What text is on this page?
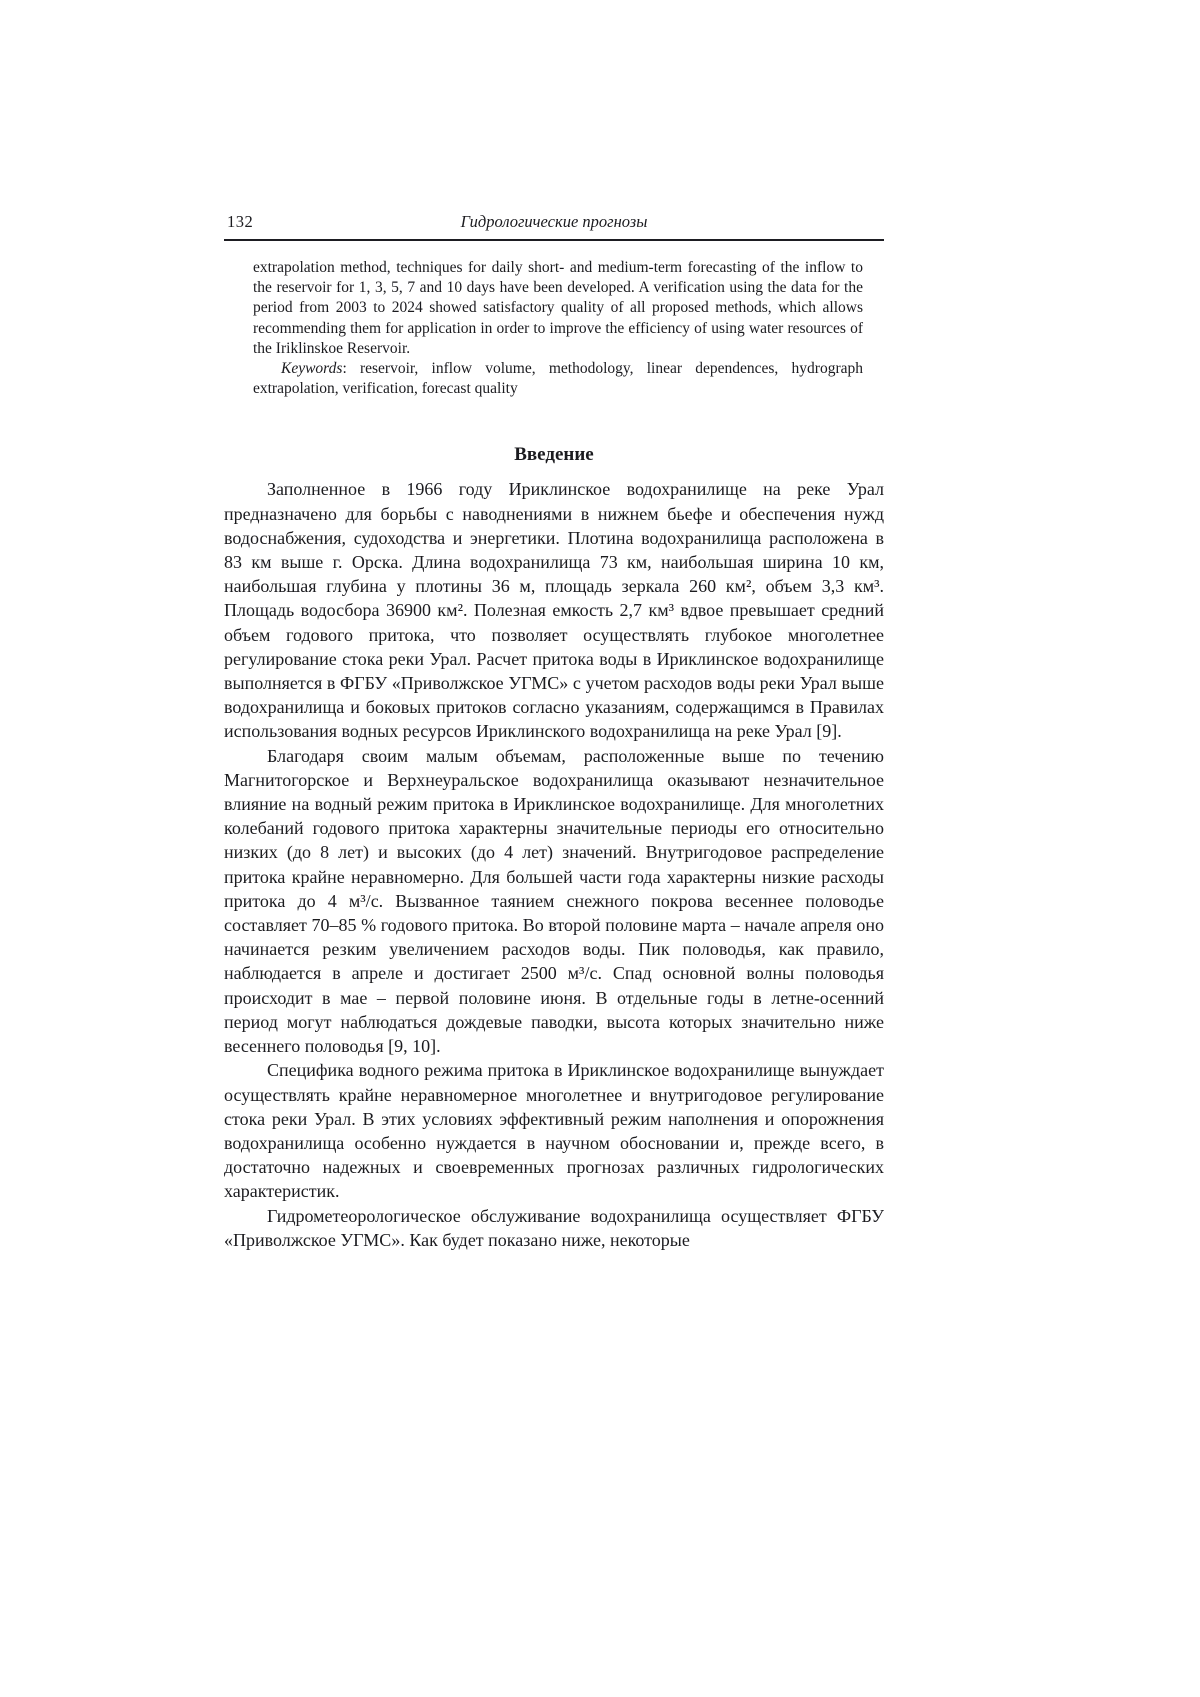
132	Гидрологические прогнозы

extrapolation method, techniques for daily short- and medium-term forecasting of the inflow to the reservoir for 1, 3, 5, 7 and 10 days have been developed. A verification using the data for the period from 2003 to 2024 showed satisfactory quality of all proposed methods, which allows recommending them for application in order to improve the efficiency of using water resources of the Iriklinskoe Reservoir.

Keywords: reservoir, inflow volume, methodology, linear dependences, hydrograph extrapolation, verification, forecast quality

Введение

Заполненное в 1966 году Ириклинское водохранилище на реке Урал предназначено для борьбы с наводнениями в нижнем бьефе и обеспечения нужд водоснабжения, судоходства и энергетики. Плотина водохранилища расположена в 83 км выше г. Орска. Длина водохранилища 73 км, наибольшая ширина 10 км, наибольшая глубина у плотины 36 м, площадь зеркала 260 км², объем 3,3 км³. Площадь водосбора 36900 км². Полезная емкость 2,7 км³ вдвое превышает средний объем годового притока, что позволяет осуществлять глубокое многолетнее регулирование стока реки Урал. Расчет притока воды в Ириклинское водохранилище выполняется в ФГБУ «Приволжское УГМС» с учетом расходов воды реки Урал выше водохранилища и боковых притоков согласно указаниям, содержащимся в Правилах использования водных ресурсов Ириклинского водохранилища на реке Урал [9].

Благодаря своим малым объемам, расположенные выше по течению Магнитогорское и Верхнеуральское водохранилища оказывают незначительное влияние на водный режим притока в Ириклинское водохранилище. Для многолетних колебаний годового притока характерны значительные периоды его относительно низких (до 8 лет) и высоких (до 4 лет) значений. Внутригодовое распределение притока крайне неравномерно. Для большей части года характерны низкие расходы притока до 4 м³/с. Вызванное таянием снежного покрова весеннее половодье составляет 70–85 % годового притока. Во второй половине марта – начале апреля оно начинается резким увеличением расходов воды. Пик половодья, как правило, наблюдается в апреле и достигает 2500 м³/с. Спад основной волны половодья происходит в мае – первой половине июня. В отдельные годы в летне-осенний период могут наблюдаться дождевые паводки, высота которых значительно ниже весеннего половодья [9, 10].

Специфика водного режима притока в Ириклинское водохранилище вынуждает осуществлять крайне неравномерное многолетнее и внутригодовое регулирование стока реки Урал. В этих условиях эффективный режим наполнения и опорожнения водохранилища особенно нуждается в научном обосновании и, прежде всего, в достаточно надежных и своевременных прогнозах различных гидрологических характеристик.

Гидрометеорологическое обслуживание водохранилища осуществляет ФГБУ «Приволжское УГМС». Как будет показано ниже, некоторые
